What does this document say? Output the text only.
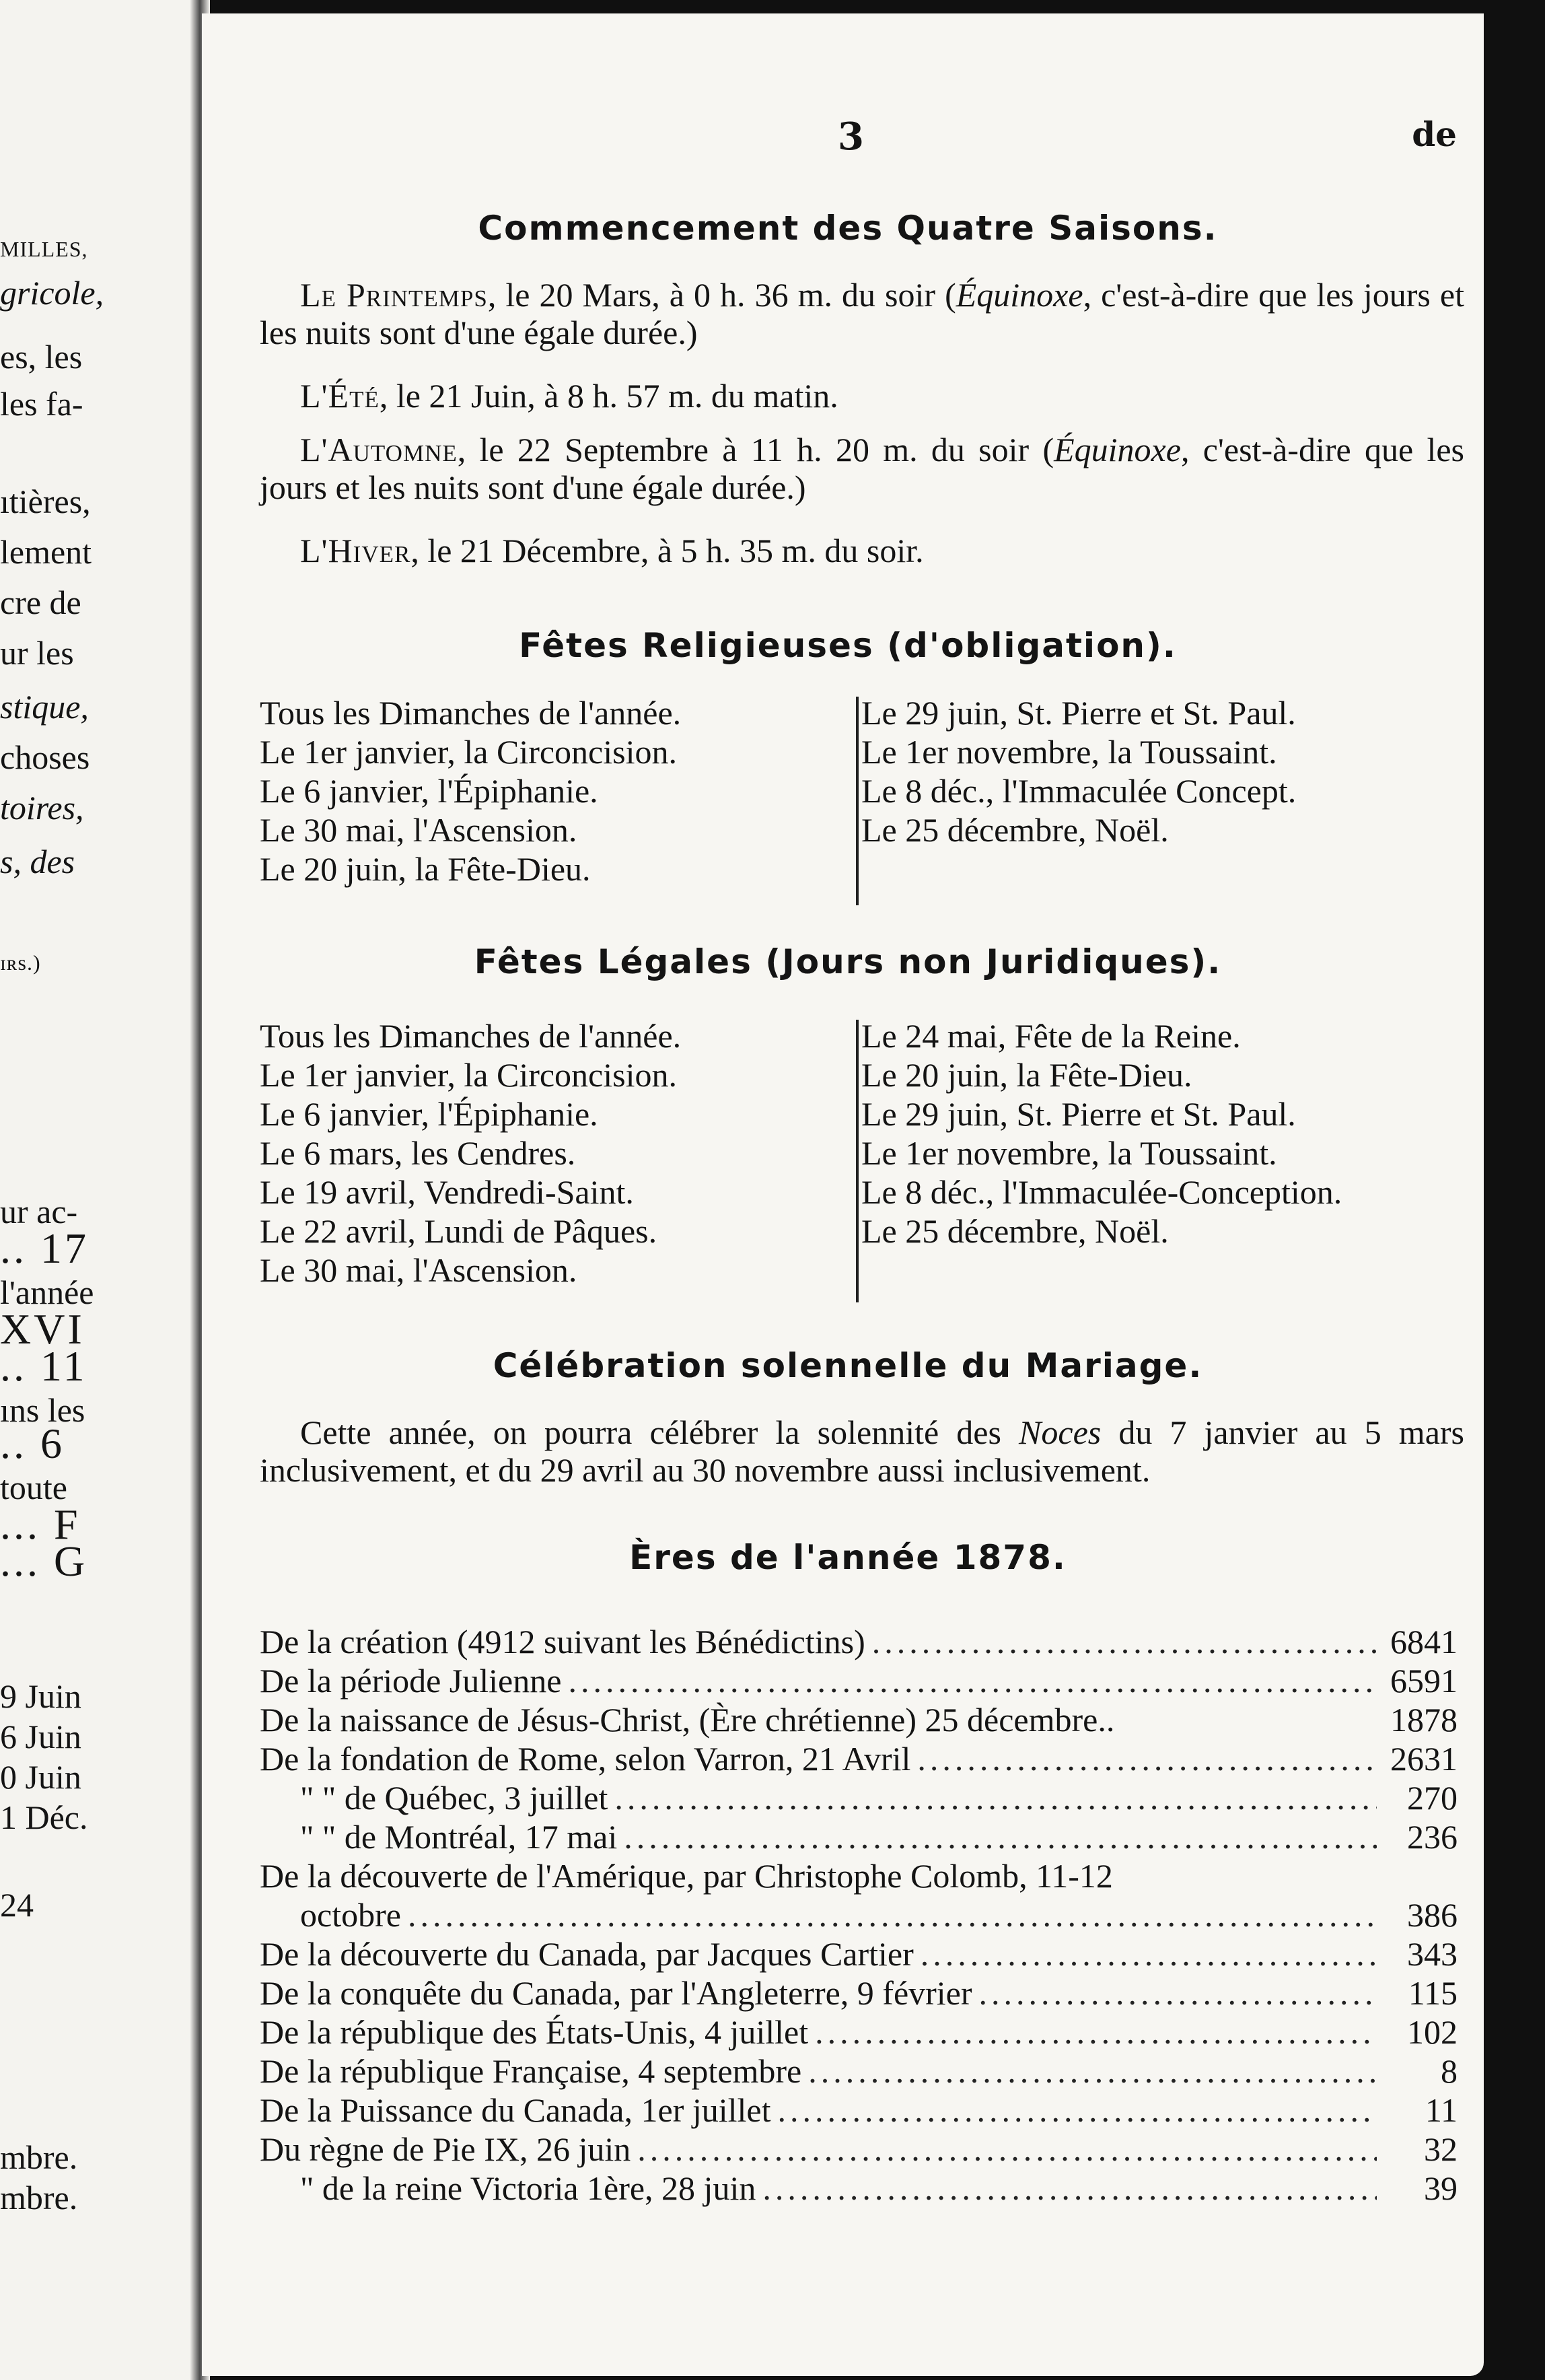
MILLES,
gricole,
es, les
les fa-
ıtières,
lement
cre de
ur les
stique,
choses
toires,
s, des
ɪʀs.)
ur ac-
.. 17
l'année
XVI
.. 11
ıns les
.. 6
toute
... F
... G
9 Juin
6 Juin
0 Juin
1 Déc.
24
mbre.
mbre.
3	de
Commencement des Quatre Saisons.
Le Printemps, le 20 Mars, à 0 h. 36 m. du soir (Équinoxe, c'est-à-dire que les jours et les nuits sont d'une égale durée.)
L'Été, le 21 Juin, à 8 h. 57 m. du matin.
L'Automne, le 22 Septembre à 11 h. 20 m. du soir (Équinoxe, c'est-à-dire que les jours et les nuits sont d'une égale durée.)
L'Hiver, le 21 Décembre, à 5 h. 35 m. du soir.
Fêtes Religieuses (d'obligation).
Tous les Dimanches de l'année.
Le 1er janvier, la Circoncision.
Le 6 janvier, l'Épiphanie.
Le 30 mai, l'Ascension.
Le 20 juin, la Fête-Dieu.
Le 29 juin, St. Pierre et St. Paul.
Le 1er novembre, la Toussaint.
Le 8 déc., l'Immaculée Concept.
Le 25 décembre, Noël.
Fêtes Légales (Jours non Juridiques).
Tous les Dimanches de l'année.
Le 1er janvier, la Circoncision.
Le 6 janvier, l'Épiphanie.
Le 6 mars, les Cendres.
Le 19 avril, Vendredi-Saint.
Le 22 avril, Lundi de Pâques.
Le 30 mai, l'Ascension.
Le 24 mai, Fête de la Reine.
Le 20 juin, la Fête-Dieu.
Le 29 juin, St. Pierre et St. Paul.
Le 1er novembre, la Toussaint.
Le 8 déc., l'Immaculée-Conception.
Le 25 décembre, Noël.
Célébration solennelle du Mariage.
Cette année, on pourra célébrer la solennité des Noces du 7 janvier au 5 mars inclusivement, et du 29 avril au 30 novembre aussi inclusivement.
Ères de l'année 1878.
De la création (4912 suivant les Bénédictins) .....	6841
De la période Julienne .....	6591
De la naissance de Jésus-Christ, (Ère chrétienne) 25 décembre..	1878
De la fondation de Rome, selon Varron, 21 Avril .....	2631
" " de Québec, 3 juillet .....	270
" " de Montréal, 17 mai .....	236
De la découverte de l'Amérique, par Christophe Colomb, 11-12
octobre .....	386
De la découverte du Canada, par Jacques Cartier .....	343
De la conquête du Canada, par l'Angleterre, 9 février .....	115
De la république des États-Unis, 4 juillet .....	102
De la république Française, 4 septembre .....	8
De la Puissance du Canada, 1er juillet .....	11
Du règne de Pie IX, 26 juin .....	32
" de la reine Victoria 1ère, 28 juin .....	39
